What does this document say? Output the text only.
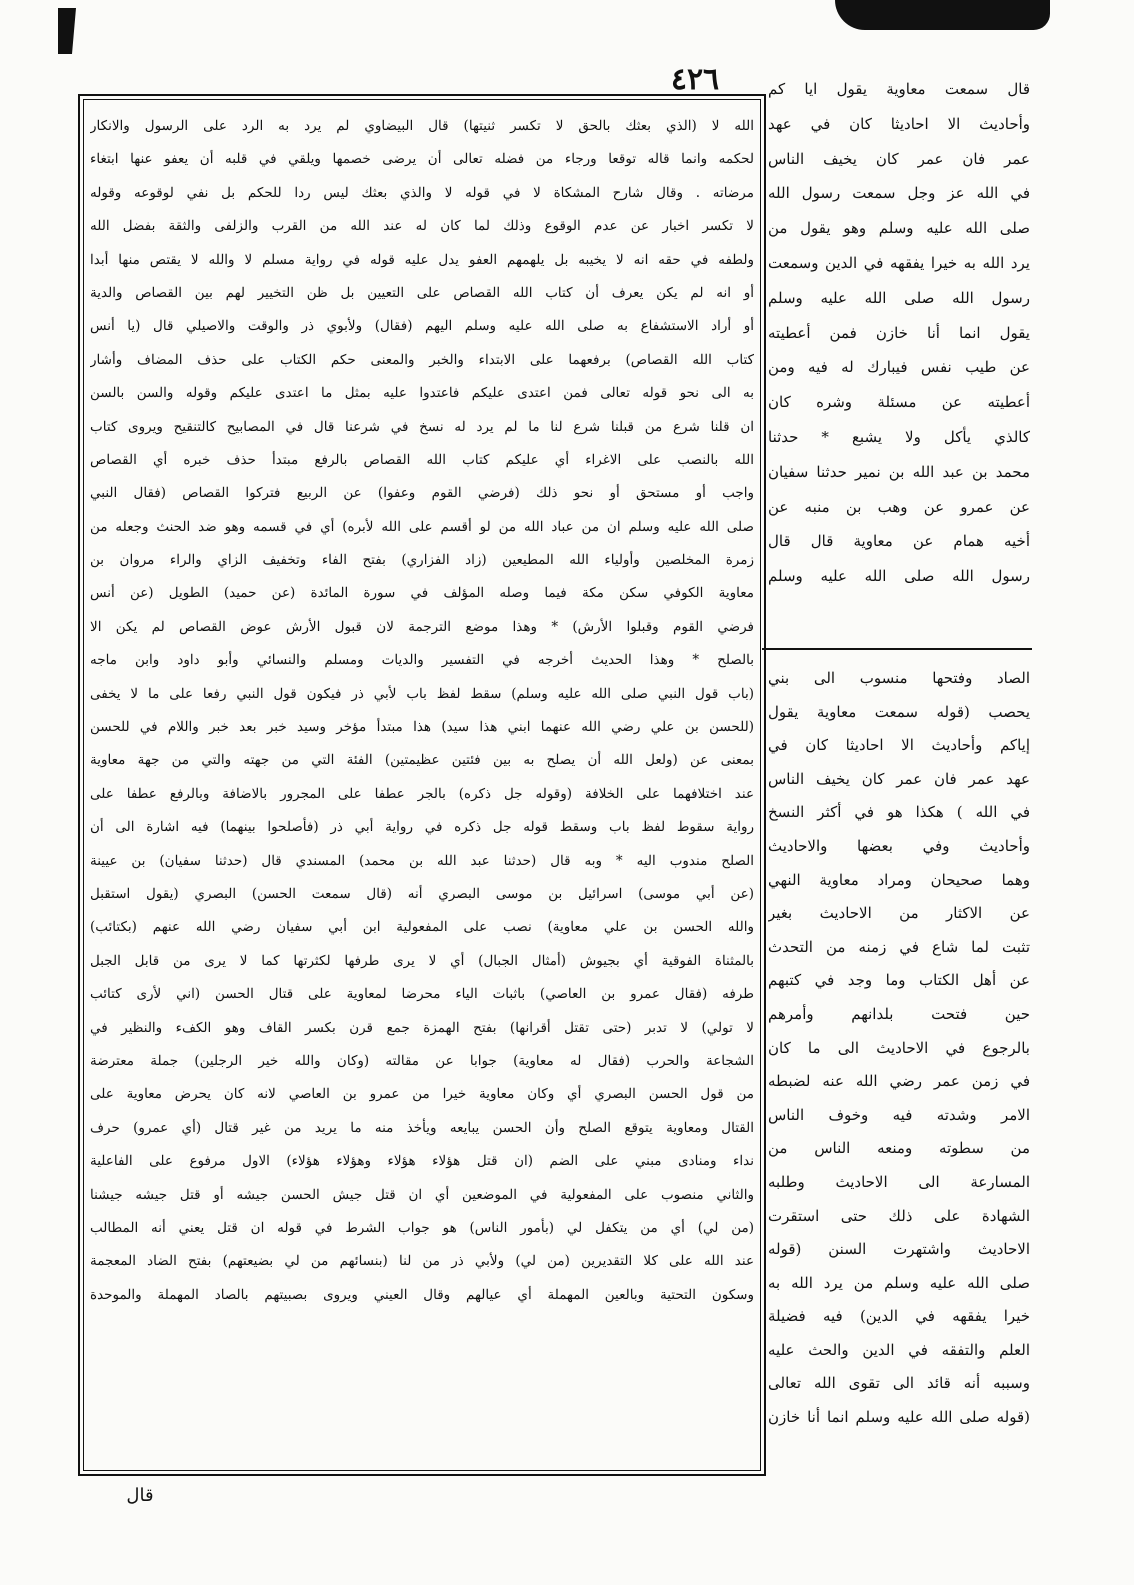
٤٢٦
الله لا (الذي بعثك بالحق لا تكسر ثنيتها) قال البيضاوي لم يرد به الرد على الرسول والانكار
لحكمه وانما قاله توقعا ورجاء من فضله تعالى أن يرضى خصمها ويلقي في قلبه أن يعفو عنها ابتغاء
مرضاته . وقال شارح المشكاة لا في قوله لا والذي بعثك ليس ردا للحكم بل نفي لوقوعه وقوله
لا تكسر اخبار عن عدم الوقوع وذلك لما كان له عند الله من القرب والزلفى والثقة بفضل الله
ولطفه في حقه انه لا يخيبه بل يلهمهم العفو يدل عليه قوله في رواية مسلم لا والله لا يقتص منها أبدا
أو انه لم يكن يعرف أن كتاب الله القصاص على التعيين بل ظن التخيير لهم بين القصاص والدية
أو أراد الاستشفاع به صلى الله عليه وسلم اليهم (فقال) ولأبوي ذر والوقت والاصيلي قال (يا أنس
كتاب الله القصاص) برفعهما على الابتداء والخبر والمعنى حكم الكتاب على حذف المضاف وأشار
به الى نحو قوله تعالى فمن اعتدى عليكم فاعتدوا عليه بمثل ما اعتدى عليكم وقوله والسن بالسن
ان قلنا شرع من قبلنا شرع لنا ما لم يرد له نسخ في شرعنا قال في المصابيح كالتنقيح ويروى كتاب
الله بالنصب على الاغراء أي عليكم كتاب الله القصاص بالرفع مبتدأ حذف خبره أي القصاص
واجب أو مستحق أو نحو ذلك (فرضي القوم وعفوا) عن الربيع فتركوا القصاص (فقال النبي
صلى الله عليه وسلم ان من عباد الله من لو أقسم على الله لأبره) أي في قسمه وهو ضد الحنث وجعله من
زمرة المخلصين وأولياء الله المطيعين (زاد الفزاري) بفتح الفاء وتخفيف الزاي والراء مروان بن
معاوية الكوفي سكن مكة فيما وصله المؤلف في سورة المائدة (عن حميد) الطويل (عن أنس
فرضي القوم وقبلوا الأرش) * وهذا موضع الترجمة لان قبول الأرش عوض القصاص لم يكن الا
بالصلح * وهذا الحديث أخرجه في التفسير والديات ومسلم والنسائي وأبو داود وابن ماجه
(باب قول النبي صلى الله عليه وسلم) سقط لفظ باب لأبي ذر فيكون قول النبي رفعا على ما لا يخفى
(للحسن بن علي رضي الله عنهما ابني هذا سيد) هذا مبتدأ مؤخر وسيد خبر بعد خبر واللام في للحسن
بمعنى عن (ولعل الله أن يصلح به بين فئتين عظيمتين) الفئة التي من جهته والتي من جهة معاوية
عند اختلافهما على الخلافة (وقوله جل ذكره) بالجر عطفا على المجرور بالاضافة وبالرفع عطفا على
رواية سقوط لفظ باب وسقط قوله جل ذكره في رواية أبي ذر (فأصلحوا بينهما) فيه اشارة الى أن
الصلح مندوب اليه * وبه قال (حدثنا عبد الله بن محمد) المسندي قال (حدثنا سفيان) بن عيينة
(عن أبي موسى) اسرائيل بن موسى البصري أنه (قال سمعت الحسن) البصري (يقول استقبل
والله الحسن بن علي معاوية) نصب على المفعولية ابن أبي سفيان رضي الله عنهم (بكتائب)
بالمثناة الفوقية أي بجيوش (أمثال الجبال) أي لا يرى طرفها لكثرتها كما لا يرى من قابل الجبل
طرفه (فقال عمرو بن العاصي) باثبات الياء محرضا لمعاوية على قتال الحسن (اني لأرى كتائب
لا تولي) لا تدبر (حتى تقتل أقرانها) بفتح الهمزة جمع قرن بكسر القاف وهو الكفء والنظير في
الشجاعة والحرب (فقال له معاوية) جوابا عن مقالته (وكان والله خير الرجلين) جملة معترضة
من قول الحسن البصري أي وكان معاوية خيرا من عمرو بن العاصي لانه كان يحرض معاوية على
القتال ومعاوية يتوقع الصلح وأن الحسن يبايعه ويأخذ منه ما يريد من غير قتال (أي عمرو) حرف
نداء ومنادى مبني على الضم (ان قتل هؤلاء هؤلاء وهؤلاء هؤلاء) الاول مرفوع على الفاعلية
والثاني منصوب على المفعولية في الموضعين أي ان قتل جيش الحسن جيشه أو قتل جيشه جيشنا
(من لي) أي من يتكفل لي (بأمور الناس) هو جواب الشرط في قوله ان قتل يعني أنه المطالب
عند الله على كلا التقديرين (من لي) ولأبي ذر من لنا (بنسائهم من لي بضيعتهم) بفتح الضاد المعجمة
وسكون التحتية وبالعين المهملة أي عيالهم وقال العيني ويروى بصبيتهم بالصاد المهملة والموحدة
قال سمعت معاوية يقول ايا كم
وأحاديث الا احاديثا كان في عهد
عمر فان عمر كان يخيف الناس
في الله عز وجل سمعت رسول الله
صلى الله عليه وسلم وهو يقول من
يرد الله به خيرا يفقهه في الدين وسمعت
رسول الله صلى الله عليه وسلم
يقول انما أنا خازن فمن أعطيته
عن طيب نفس فيبارك له فيه ومن
أعطيته عن مسئلة وشره كان
كالذي يأكل ولا يشبع * حدثنا
محمد بن عبد الله بن نمير حدثنا سفيان
عن عمرو عن وهب بن منبه عن
أخيه همام عن معاوية قال قال
رسول الله صلى الله عليه وسلم
الصاد وفتحها منسوب الى بني
يحصب (قوله سمعت معاوية يقول
إياكم وأحاديث الا احاديثا كان في
عهد عمر فان عمر كان يخيف الناس
في الله ) هكذا هو في أكثر النسخ
وأحاديث وفي بعضها والاحاديث
وهما صحيحان ومراد معاوية النهي
عن الاكثار من الاحاديث بغير
تثبت لما شاع في زمنه من التحدث
عن أهل الكتاب وما وجد في كتبهم
حين فتحت بلدانهم وأمرهم
بالرجوع في الاحاديث الى ما كان
في زمن عمر رضي الله عنه لضبطه
الامر وشدته فيه وخوف الناس
من سطوته ومنعه الناس من
المسارعة الى الاحاديث وطلبه
الشهادة على ذلك حتى استقرت
الاحاديث واشتهرت السنن (قوله
صلى الله عليه وسلم من يرد الله به
خيرا يفقهه في الدين) فيه فضيلة
العلم والتفقه في الدين والحث عليه
وسببه أنه قائد الى تقوى الله تعالى
(قوله صلى الله عليه وسلم انما أنا خازن
قال
